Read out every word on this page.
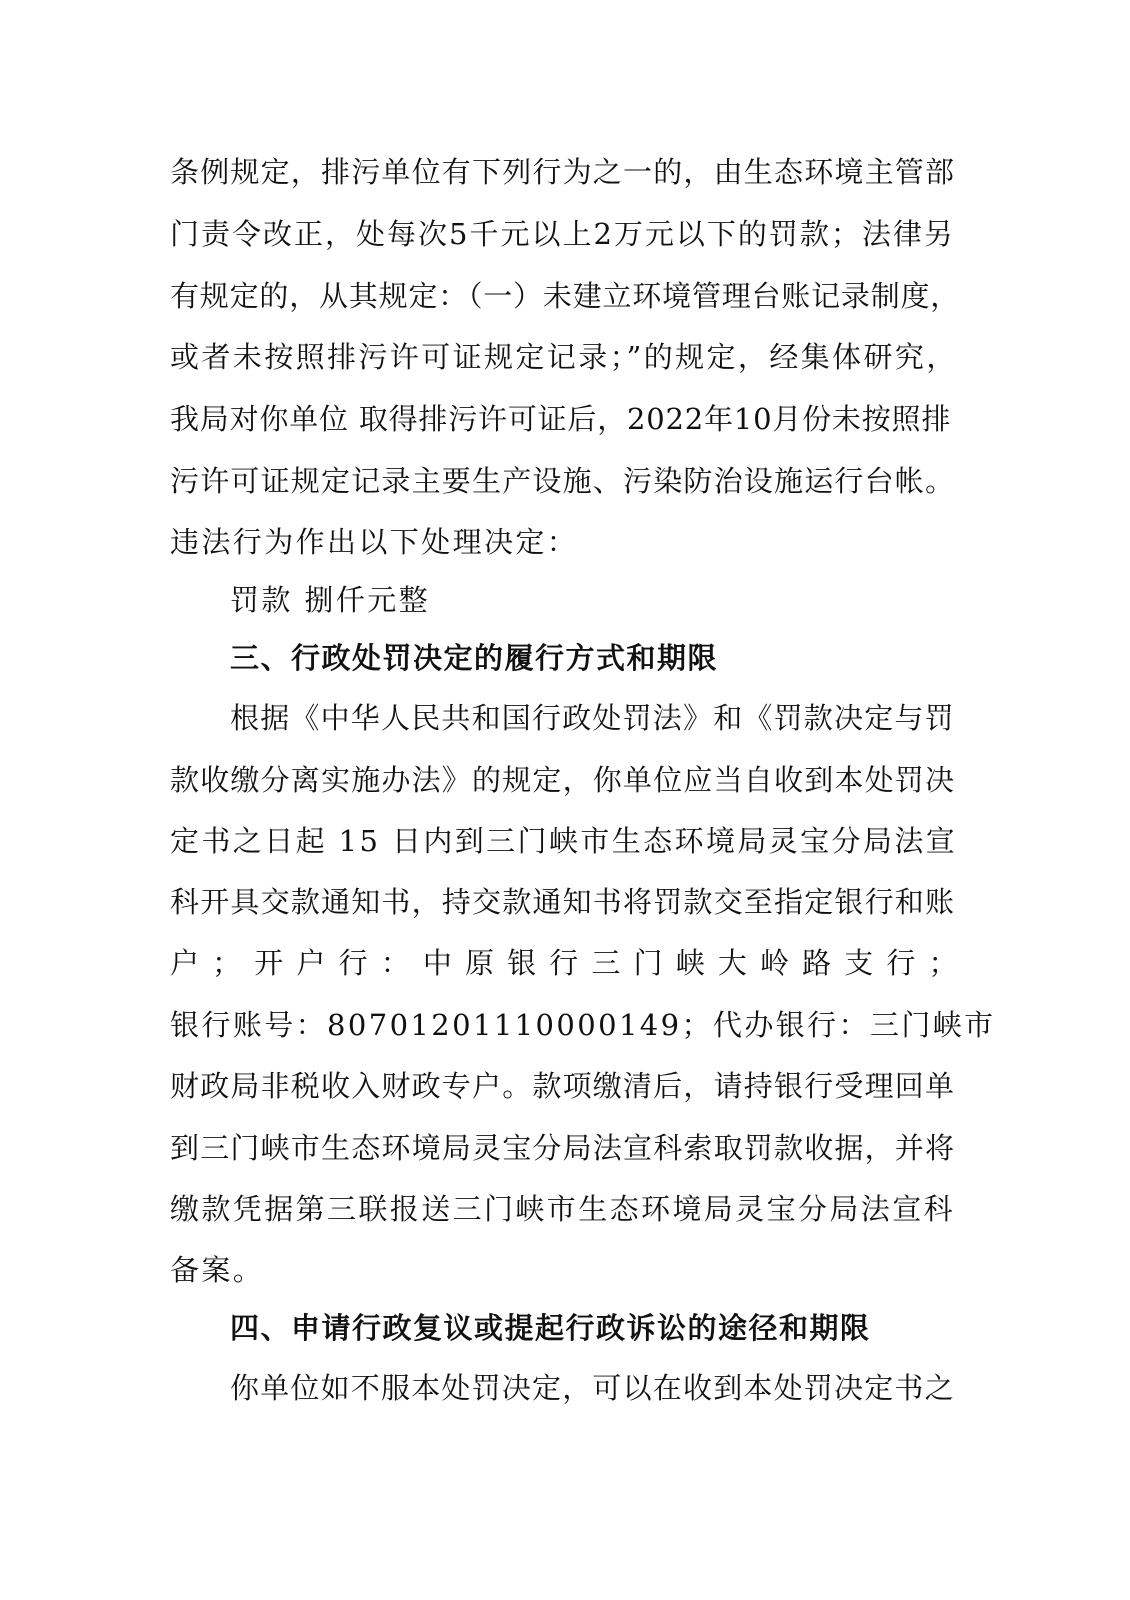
条例规定，排污单位有下列行为之一的，由生态环境主管部
门责令改正，处每次5千元以上2万元以下的罚款；法律另
有规定的，从其规定：（一）未建立环境管理台账记录制度，
或者未按照排污许可证规定记录；”的规定，经集体研究，
我局对你单位 取得排污许可证后，2022年10月份未按照排
污许可证规定记录主要生产设施、污染防治设施运行台帐。
违法行为作出以下处理决定：
罚款 捌仟元整
三、行政处罚决定的履行方式和期限
根据《中华人民共和国行政处罚法》和《罚款决定与罚
款收缴分离实施办法》的规定，你单位应当自收到本处罚决
定书之日起 15 日内到三门峡市生态环境局灵宝分局法宣
科开具交款通知书，持交款通知书将罚款交至指定银行和账
户 ； 开 户 行 ： 中 原 银 行 三 门 峡 大 岭 路 支 行 ；
银 行 账 号 ： 80701201110000149 ； 代 办 银 行 ： 三 门 峡 市
财政局非税收入财政专户。款项缴清后，请持银行受理回单
到三门峡市生态环境局灵宝分局法宣科索取罚款收据，并将
缴款凭据第三联报送三门峡市生态环境局灵宝分局法宣科
备案。
四、申请行政复议或提起行政诉讼的途径和期限
你单位如不服本处罚决定，可以在收到本处罚决定书之
